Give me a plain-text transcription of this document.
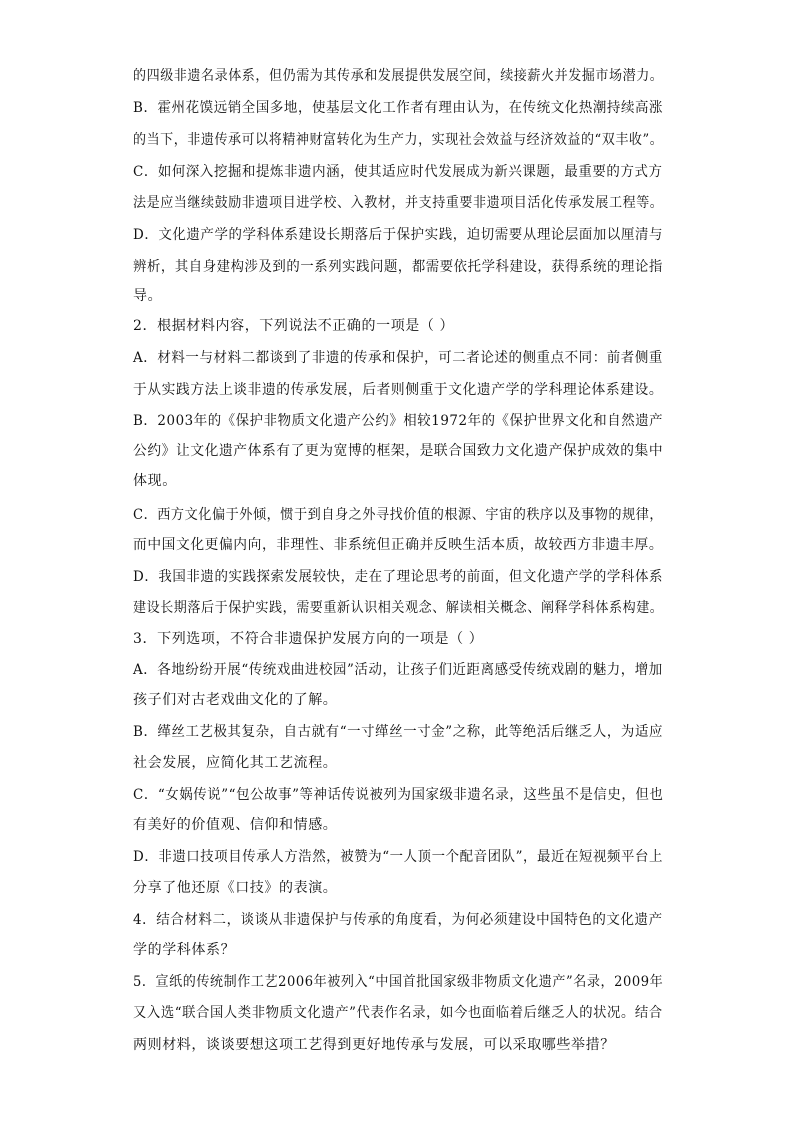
的四级非遗名录体系，但仍需为其传承和发展提供发展空间，续接薪火并发掘市场潜力。
B．霍州花馍远销全国多地，使基层文化工作者有理由认为，在传统文化热潮持续高涨
的当下，非遗传承可以将精神财富转化为生产力，实现社会效益与经济效益的“双丰收”。
C．如何深入挖掘和提炼非遗内涵，使其适应时代发展成为新兴课题，最重要的方式方
法是应当继续鼓励非遗项目进学校、入教材，并支持重要非遗项目活化传承发展工程等。
D．文化遗产学的学科体系建设长期落后于保护实践，迫切需要从理论层面加以厘清与
辨析，其自身建构涉及到的一系列实践问题，都需要依托学科建设，获得系统的理论指
导。
2．根据材料内容，下列说法不正确的一项是（ ）
A．材料一与材料二都谈到了非遗的传承和保护，可二者论述的侧重点不同：前者侧重
于从实践方法上谈非遗的传承发展，后者则侧重于文化遗产学的学科理论体系建设。
B．2003年的《保护非物质文化遗产公约》相较1972年的《保护世界文化和自然遗产
公约》让文化遗产体系有了更为宽博的框架，是联合国致力文化遗产保护成效的集中
体现。
C．西方文化偏于外倾，惯于到自身之外寻找价值的根源、宇宙的秩序以及事物的规律，
而中国文化更偏内向，非理性、非系统但正确并反映生活本质，故较西方非遗丰厚。
D．我国非遗的实践探索发展较快，走在了理论思考的前面，但文化遗产学的学科体系
建设长期落后于保护实践，需要重新认识相关观念、解读相关概念、阐释学科体系构建。
3．下列选项，不符合非遗保护发展方向的一项是（ ）
A．各地纷纷开展“传统戏曲进校园”活动，让孩子们近距离感受传统戏剧的魅力，增加
孩子们对古老戏曲文化的了解。
B．缂丝工艺极其复杂，自古就有“一寸缂丝一寸金”之称，此等绝活后继乏人，为适应
社会发展，应简化其工艺流程。
C．“女娲传说”“包公故事”等神话传说被列为国家级非遗名录，这些虽不是信史，但也
有美好的价值观、信仰和情感。
D．非遗口技项目传承人方浩然，被赞为“一人顶一个配音团队”，最近在短视频平台上
分享了他还原《口技》的表演。
4．结合材料二，谈谈从非遗保护与传承的角度看，为何必须建设中国特色的文化遗产
学的学科体系？
5．宣纸的传统制作工艺2006年被列入“中国首批国家级非物质文化遗产”名录，2009年
又入选“联合国人类非物质文化遗产”代表作名录，如今也面临着后继乏人的状况。结合
两则材料，谈谈要想这项工艺得到更好地传承与发展，可以采取哪些举措？
